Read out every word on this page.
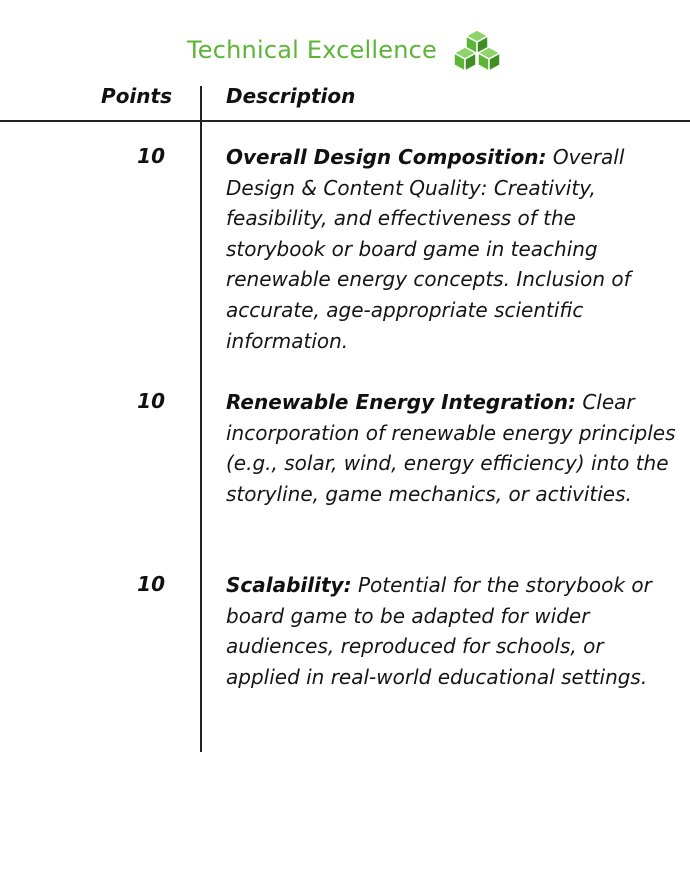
Technical Excellence
Points	Description
10	Overall Design Composition: Overall Design & Content Quality: Creativity, feasibility, and effectiveness of the storybook or board game in teaching renewable energy concepts. Inclusion of accurate, age-appropriate scientific information.
10	Renewable Energy Integration: Clear incorporation of renewable energy principles (e.g., solar, wind, energy efficiency) into the storyline, game mechanics, or activities.
10	Scalability: Potential for the storybook or board game to be adapted for wider audiences, reproduced for schools, or applied in real-world educational settings.
